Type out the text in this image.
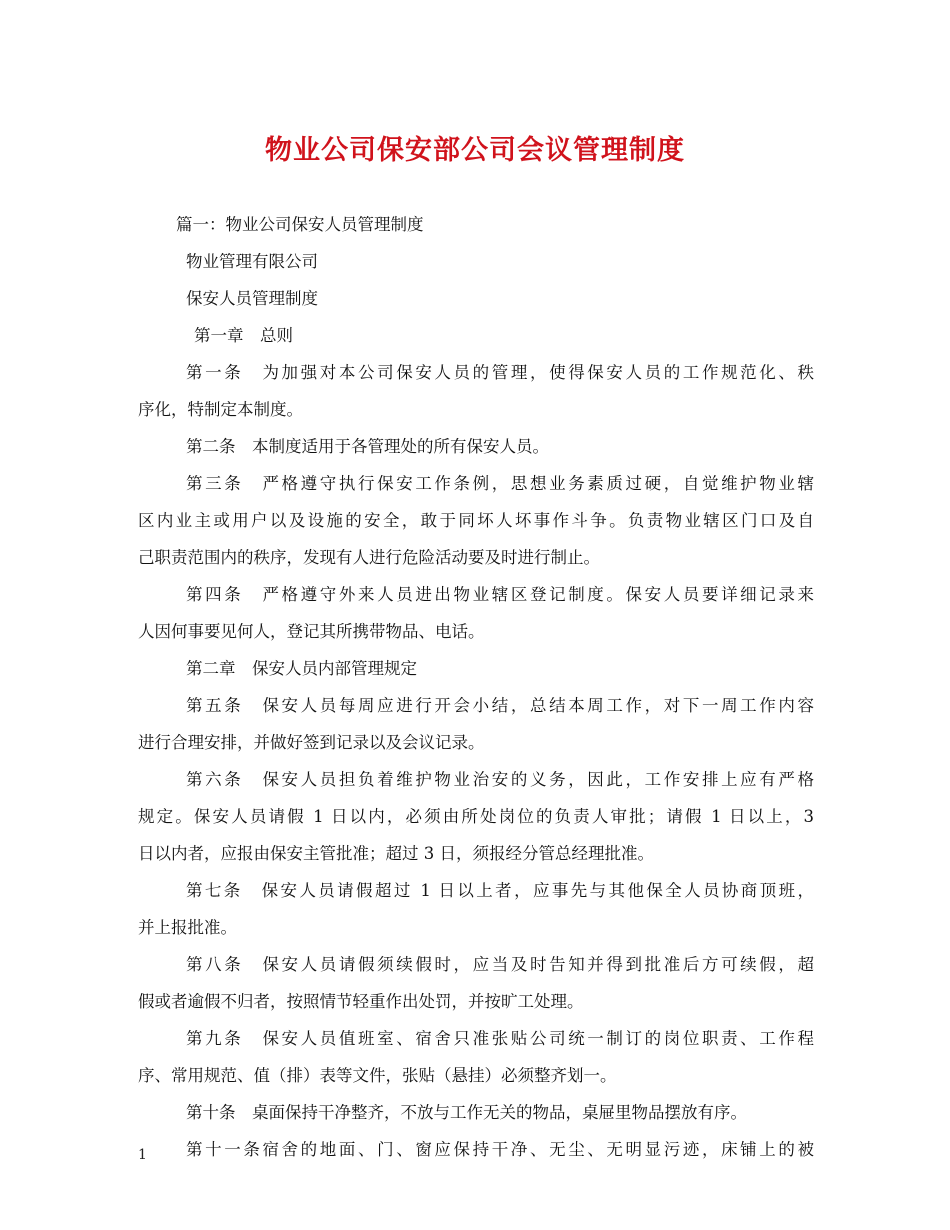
物业公司保安部公司会议管理制度
篇一：物业公司保安人员管理制度
物业管理有限公司
保安人员管理制度
第一章　总则
第一条　为加强对本公司保安人员的管理，使得保安人员的工作规范化、秩
序化，特制定本制度。
第二条　本制度适用于各管理处的所有保安人员。
第三条　严格遵守执行保安工作条例，思想业务素质过硬，自觉维护物业辖
区内业主或用户以及设施的安全，敢于同坏人坏事作斗争。负责物业辖区门口及自
己职责范围内的秩序，发现有人进行危险活动要及时进行制止。
第四条　严格遵守外来人员进出物业辖区登记制度。保安人员要详细记录来
人因何事要见何人，登记其所携带物品、电话。
第二章　保安人员内部管理规定
第五条　保安人员每周应进行开会小结，总结本周工作，对下一周工作内容
进行合理安排，并做好签到记录以及会议记录。
第六条　保安人员担负着维护物业治安的义务，因此，工作安排上应有严格
规定。保安人员请假 1 日以内，必须由所处岗位的负责人审批；请假 1 日以上，3
日以内者，应报由保安主管批准；超过 3 日，须报经分管总经理批准。
第七条　保安人员请假超过 1 日以上者，应事先与其他保全人员协商顶班，
并上报批准。
第八条　保安人员请假须续假时，应当及时告知并得到批准后方可续假，超
假或者逾假不归者，按照情节轻重作出处罚，并按旷工处理。
第九条　保安人员值班室、宿舍只准张贴公司统一制订的岗位职责、工作程
序、常用规范、值（排）表等文件，张贴（悬挂）必须整齐划一。
第十条　桌面保持干净整齐，不放与工作无关的物品，桌屉里物品摆放有序。
第十一条宿舍的地面、门、窗应保持干净、无尘、无明显污迹，床铺上的被
1
